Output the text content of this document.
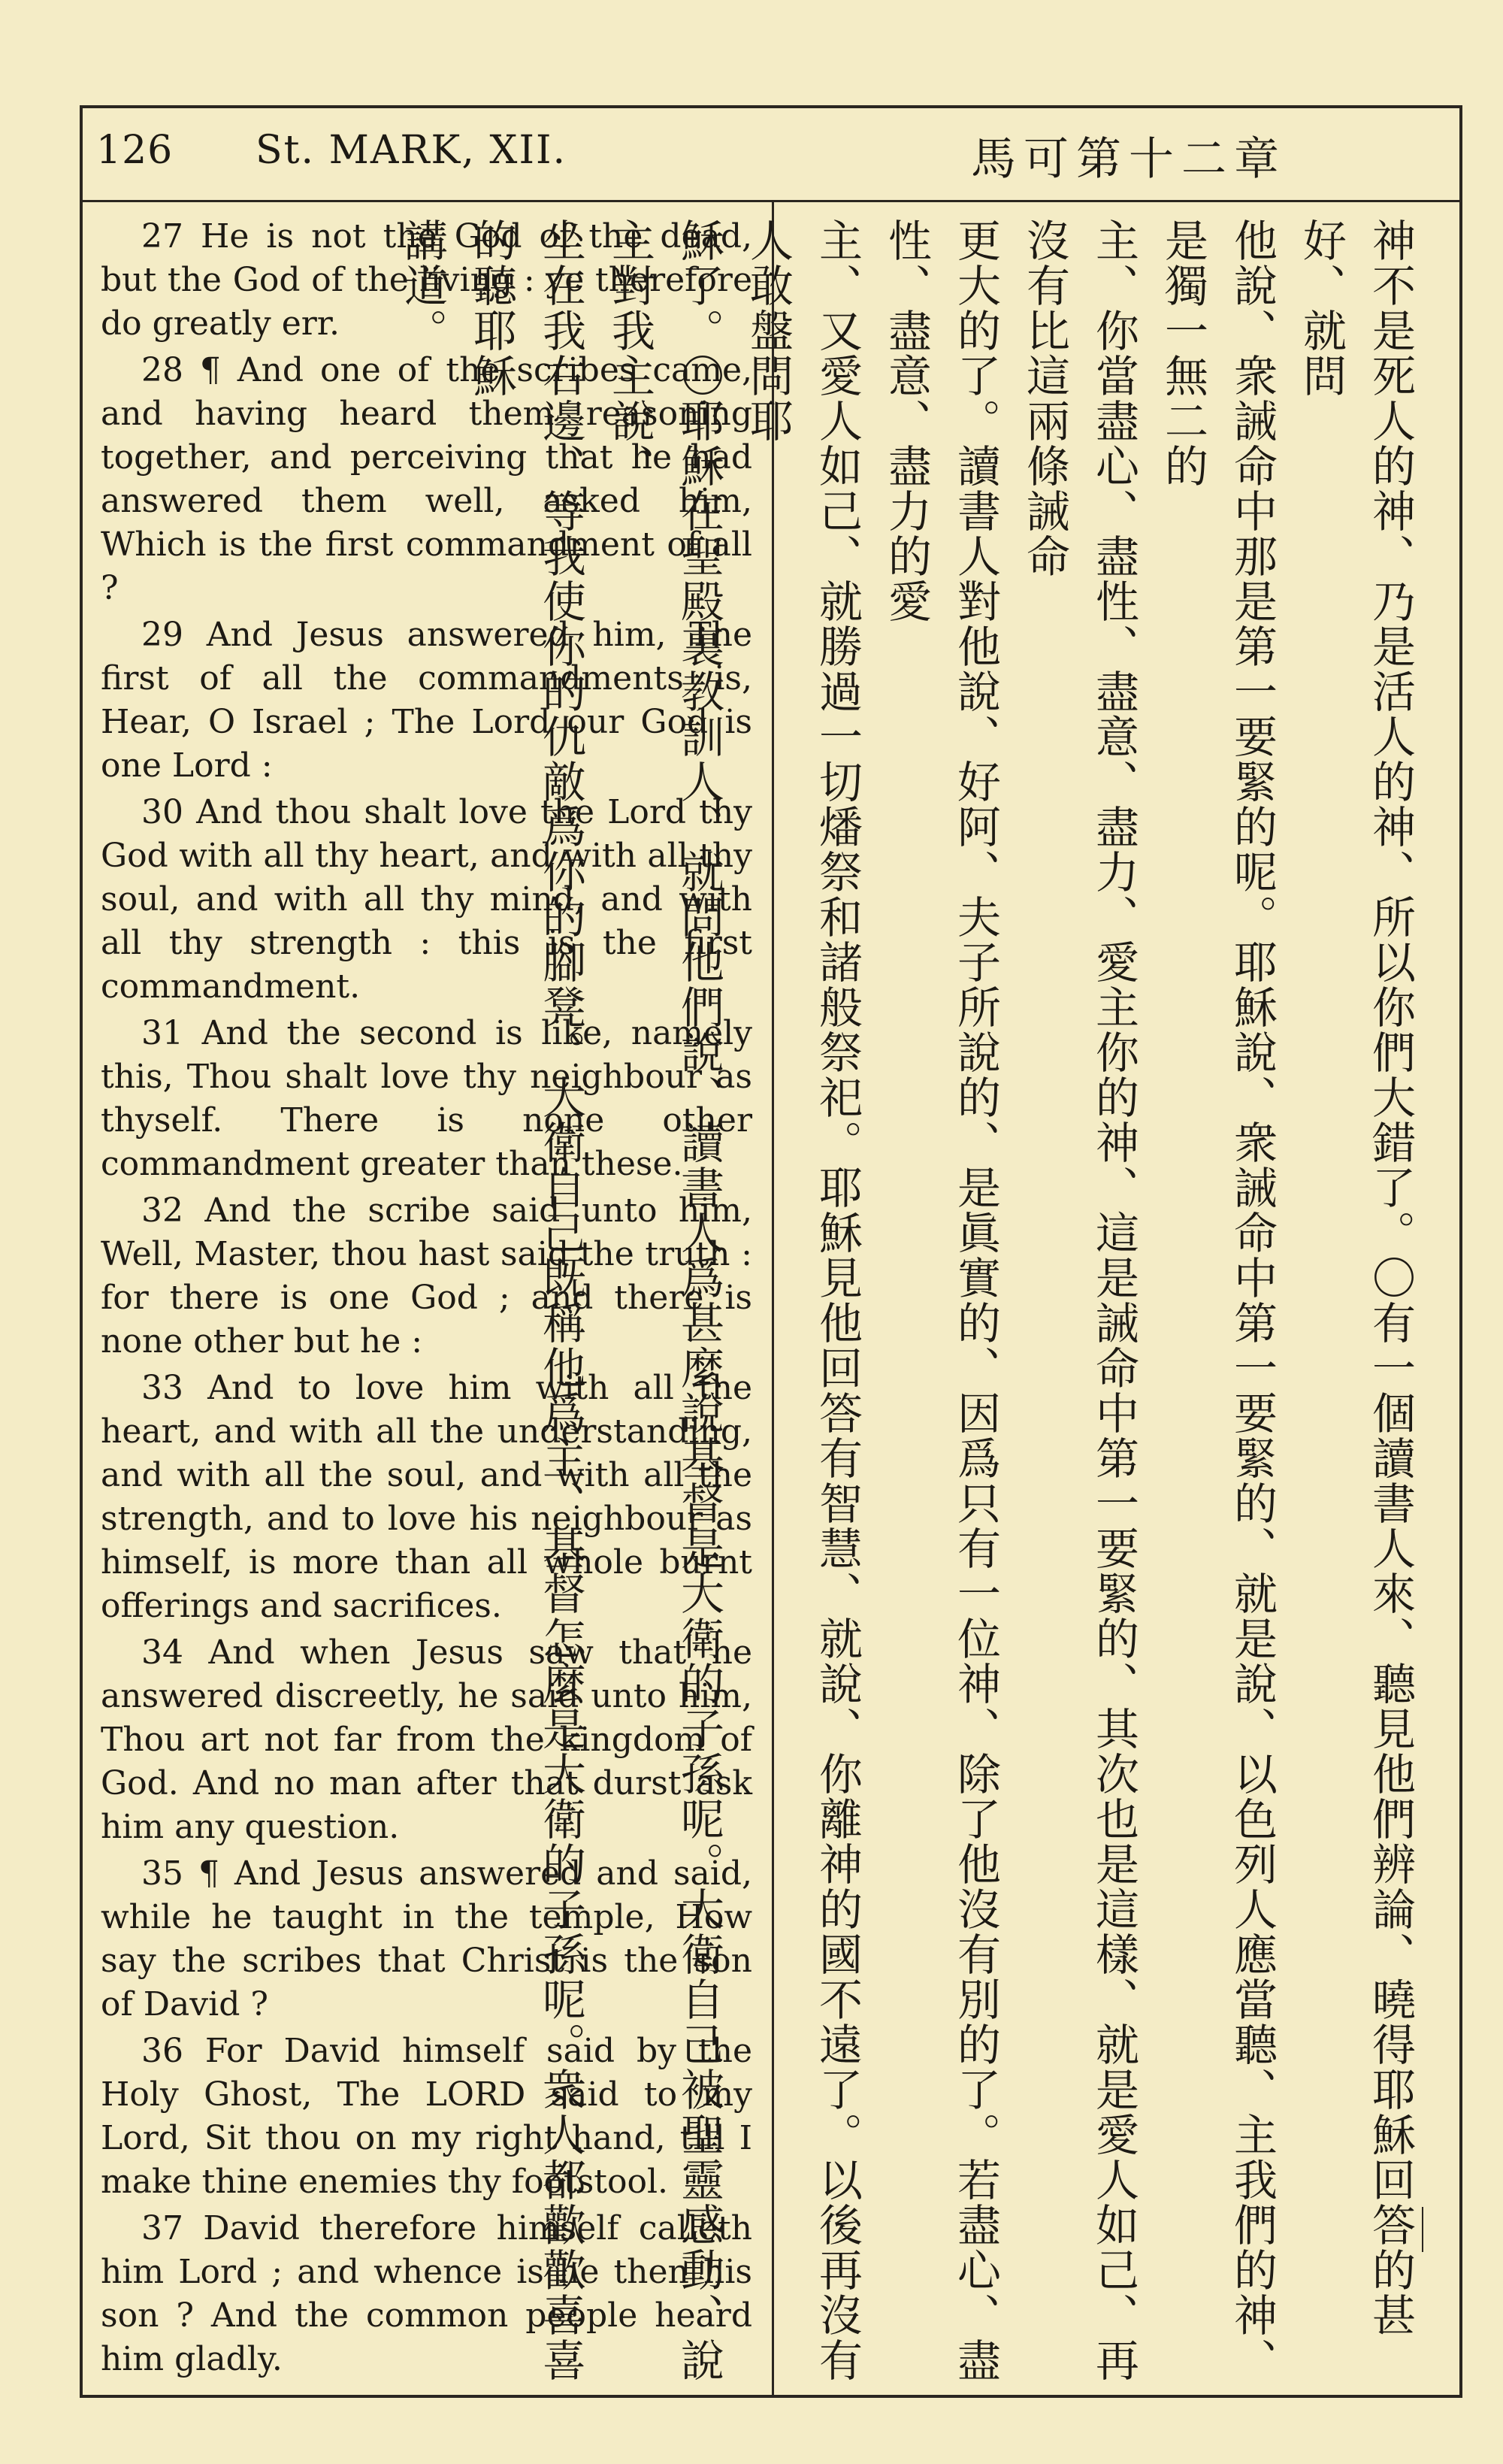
126 St. MARK, XII.	馬可第十二章

27 He is not the God of the dead, but the God of the living : ye therefore do greatly err.

28 ¶ And one of the scribes came, and having heard them reasoning together, and perceiving that he had answered them well, asked him, Which is the first commandment of all ?

29 And Jesus answered him, The first of all the commandments is, Hear, O Israel ; The Lord our God is one Lord :

30 And thou shalt love the Lord thy God with all thy heart, and with all thy soul, and with all thy mind, and with all thy strength : this is the first commandment.

31 And the second is like, namely this, Thou shalt love thy neighbour as thyself. There is none other commandment greater than these.

32 And the scribe said unto him, Well, Master, thou hast said the truth : for there is one God ; and there is none other but he :

33 And to love him with all the heart, and with all the understanding, and with all the soul, and with all the strength, and to love his neighbour as himself, is more than all whole burnt offerings and sacrifices.

34 And when Jesus saw that he answered discreetly, he said unto him, Thou art not far from the kingdom of God. And no man after that durst ask him any question.

35 ¶ And Jesus answered and said, while he taught in the temple, How say the scribes that Christ is the son of David ?

36 For David himself said by the Holy Ghost, The LORD said to my Lord, Sit thou on my right hand, till I make thine enemies thy footstool.

37 David therefore himself calleth him Lord ; and whence is he then his son ? And the common people heard him gladly.

神不是死人的神、乃是活人的神、所以你們大錯了。〇有一個讀書人來、聽見他們辨論、曉得耶穌回答的甚好、就問
他說、衆誡命中那是第一要緊的呢。耶穌說、衆誡命中第一要緊的、就是說、以色列人應當聽、主我們的神、是獨一無二的
主、你當盡心、盡性、盡意、盡力、愛主你的神、這是誡命中第一要緊的、其次也是這樣、就是愛人如己、再沒有比這兩條誡命
更大的了。讀書人對他說、好阿、夫子所說的、是眞實的、因爲只有一位神、除了他沒有別的了。若盡心、盡性、盡意、盡力的愛
主、又愛人如己、就勝過一切燔祭和諸般祭祀。耶穌見他回答有智慧、就說、你離神的國不遠了。以後再沒有人敢盤問耶
穌了。〇耶穌在聖殿裏教訓人、就問他們說、讀書人爲甚麼說基督是大衛的子孫呢。大衛自己被聖靈感動、說主對我主說、
坐在我右邊、等我使你的仇敵爲你的腳凳。大衛自己既稱他爲主、基督怎麼是大衛的子孫呢。衆人都歡歡喜喜的聽耶穌
講道。
